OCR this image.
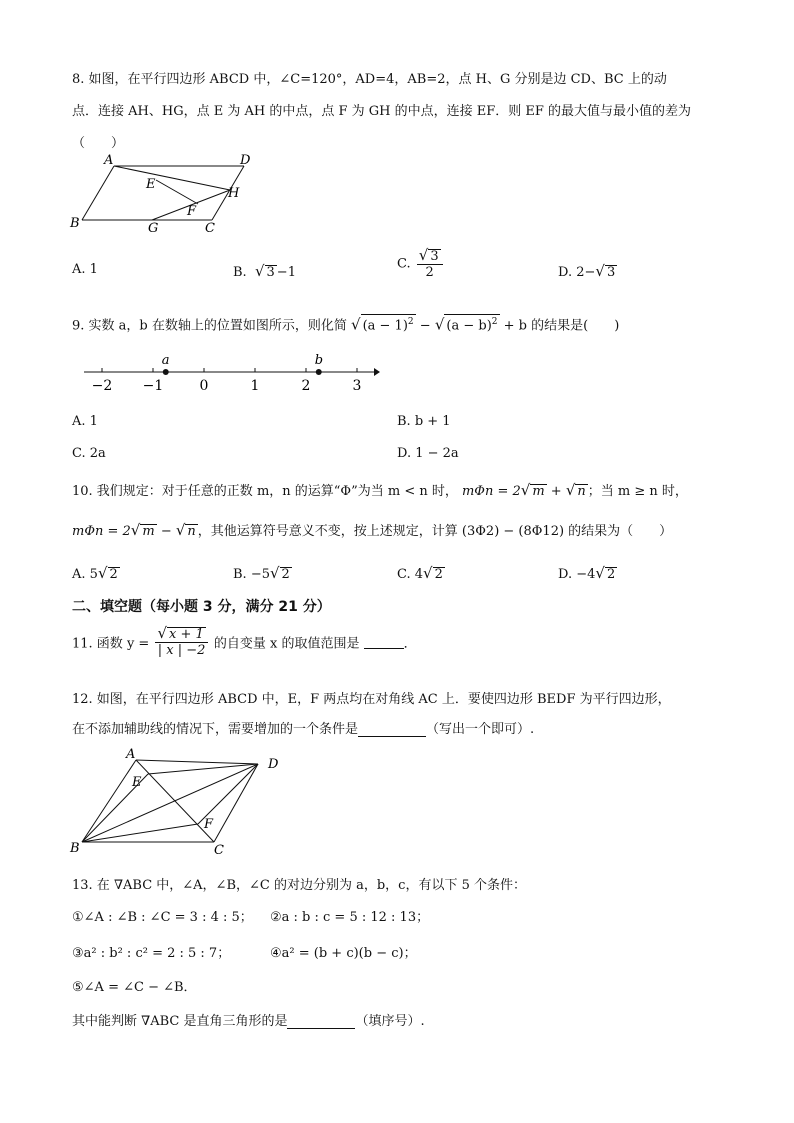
8. 如图，在平行四边形 ABCD 中，∠C=120°，AD=4，AB=2，点 H、G 分别是边 CD、BC 上的动
点．连接 AH、HG，点 E 为 AH 的中点，点 F 为 GH 的中点，连接 EF．则 EF 的最大值与最小值的差为
（　　）
A	D
E
H
F
B	G	C
A. 1	B. √ 3 −1
C. $\frac{√ 3}{2}$	D. 2−√ 3
9. 实数 a，b 在数轴上的位置如图所示，则化简 √ $(a - 1)^2$ − √ $(a - b)^2 + b$ 的结果是(　　)
−2 −1	0	1	2	3
a	b
A. 1	B. b + 1
C. 2a	D. 1 − 2a
10. 我们规定：对于任意的正数 m，n 的运算“Φ”为当 m < n 时， mΦn = 2√ m + √ n ；当 m ≥ n 时，
mΦn = 2√ m − √ n ，其他运算符号意义不变，按上述规定，计算 (3Φ2) − (8Φ12) 的结果为（　　）
A. 5√ 2	B. −5√ 2	C. 4√ 2	D. −4√ 2
二、填空题（每小题 3 分，满分 21 分）
11. 函数 $y = \frac{√ x + 1}{| x | -2}$ 的自变量 x 的取值范围是	．
12. 如图，在平行四边形 ABCD 中，E，F 两点均在对角线 AC 上．要使四边形 BEDF 为平行四边形，
在不添加辅助线的情况下，需要增加的一个条件是	（写出一个即可）.
A
D
E
F
B	C
13. 在 ∇ABC 中，∠A，∠B，∠C 的对边分别为 a，b，c，有以下 5 个条件：
①∠A : ∠B : ∠C = 3 : 4 : 5； ②a : b : c = 5 : 12 : 13；
③a² : b² : c² = 2 : 5 : 7；	④a² = (b + c)(b − c)；
⑤∠A = ∠C − ∠B．
其中能判断 ∇ABC 是直角三角形的是	（填序号）.
